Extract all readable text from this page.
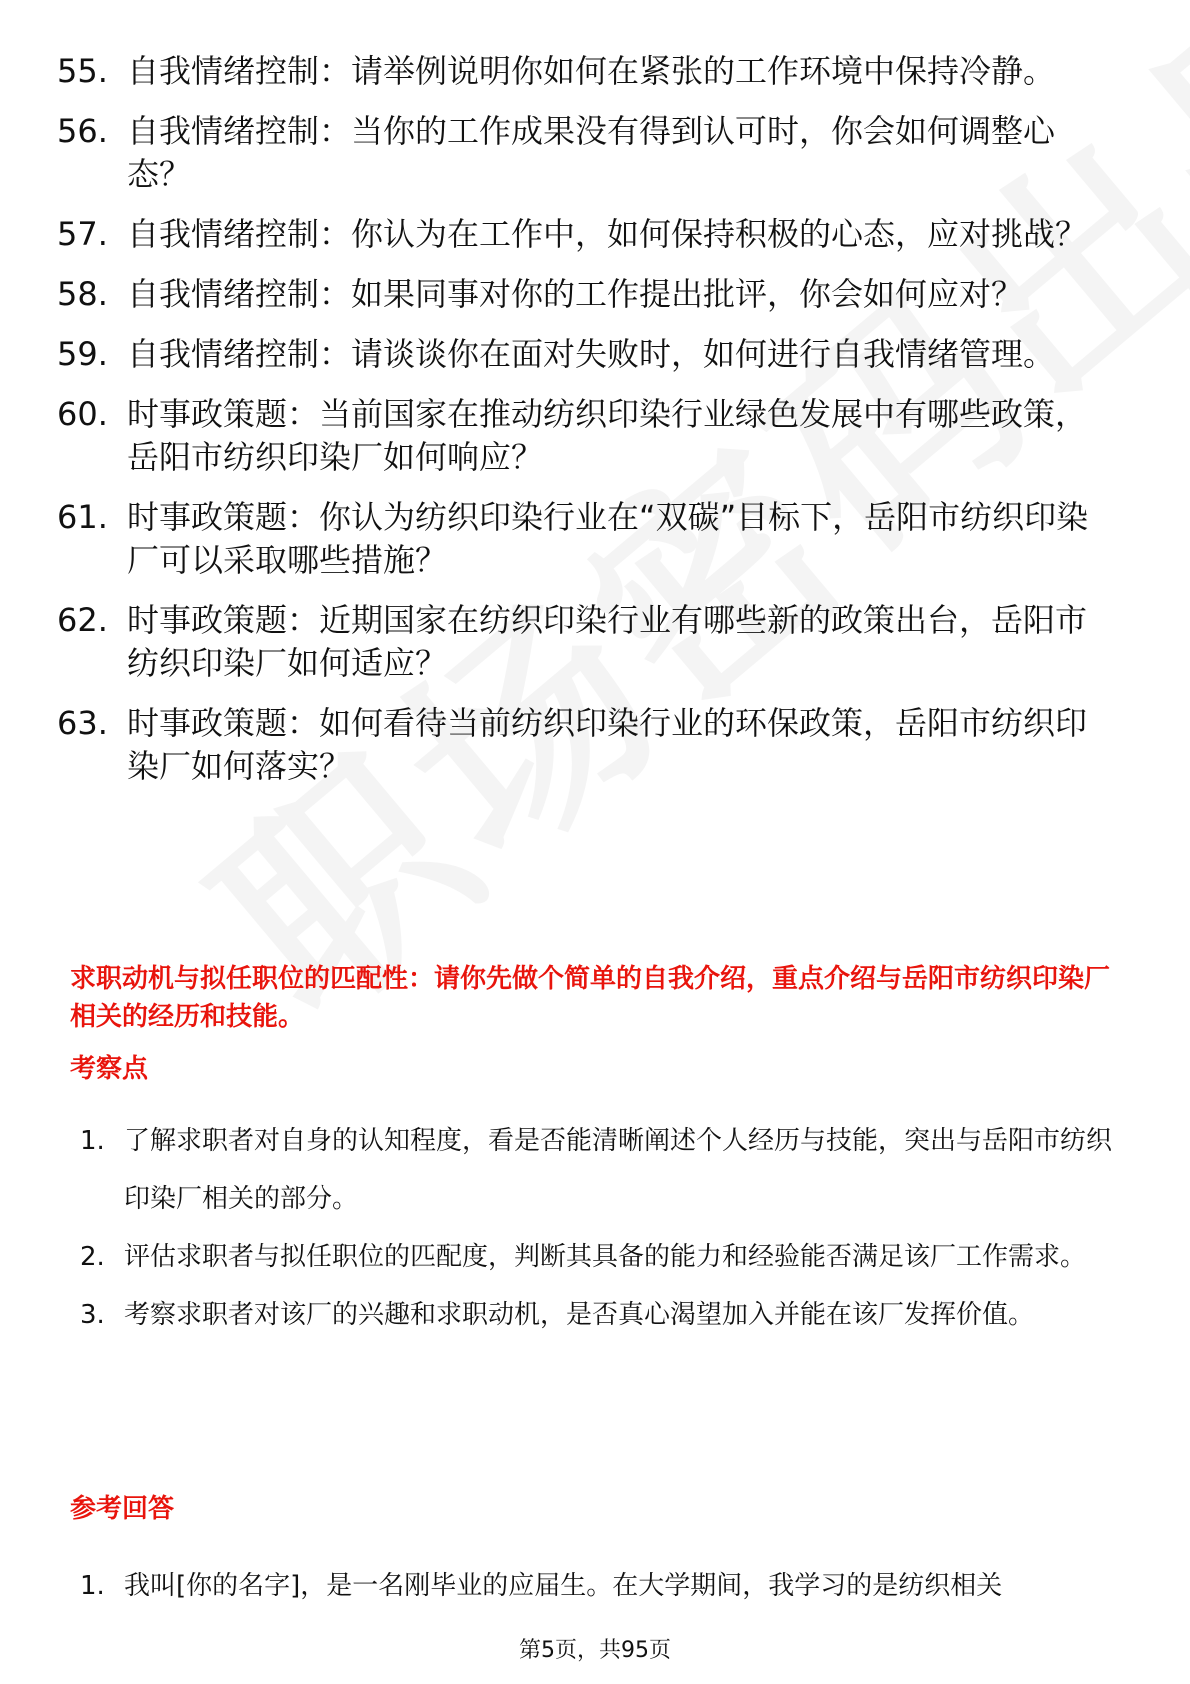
55. 自我情绪控制：请举例说明你如何在紧张的工作环境中保持冷静。
56. 自我情绪控制：当你的工作成果没有得到认可时，你会如何调整心态？
57. 自我情绪控制：你认为在工作中，如何保持积极的心态，应对挑战？
58. 自我情绪控制：如果同事对你的工作提出批评，你会如何应对？
59. 自我情绪控制：请谈谈你在面对失败时，如何进行自我情绪管理。
60. 时事政策题：当前国家在推动纺织印染行业绿色发展中有哪些政策，岳阳市纺织印染厂如何响应？
61. 时事政策题：你认为纺织印染行业在“双碳”目标下，岳阳市纺织印染厂可以采取哪些措施？
62. 时事政策题：近期国家在纺织印染行业有哪些新的政策出台，岳阳市纺织印染厂如何适应？
63. 时事政策题：如何看待当前纺织印染行业的环保政策，岳阳市纺织印染厂如何落实？
求职动机与拟任职位的匹配性：请你先做个简单的自我介绍，重点介绍与岳阳市纺织印染厂相关的经历和技能。
考察点
1. 了解求职者对自身的认知程度，看是否能清晰阐述个人经历与技能，突出与岳阳市纺织印染厂相关的部分。
2. 评估求职者与拟任职位的匹配度，判断其具备的能力和经验能否满足该厂工作需求。
3. 考察求职者对该厂的兴趣和求职动机，是否真心渴望加入并能在该厂发挥价值。
参考回答
1. 我叫[你的名字]，是一名刚毕业的应届生。在大学期间，我学习的是纺织相关
第5页，共95页
